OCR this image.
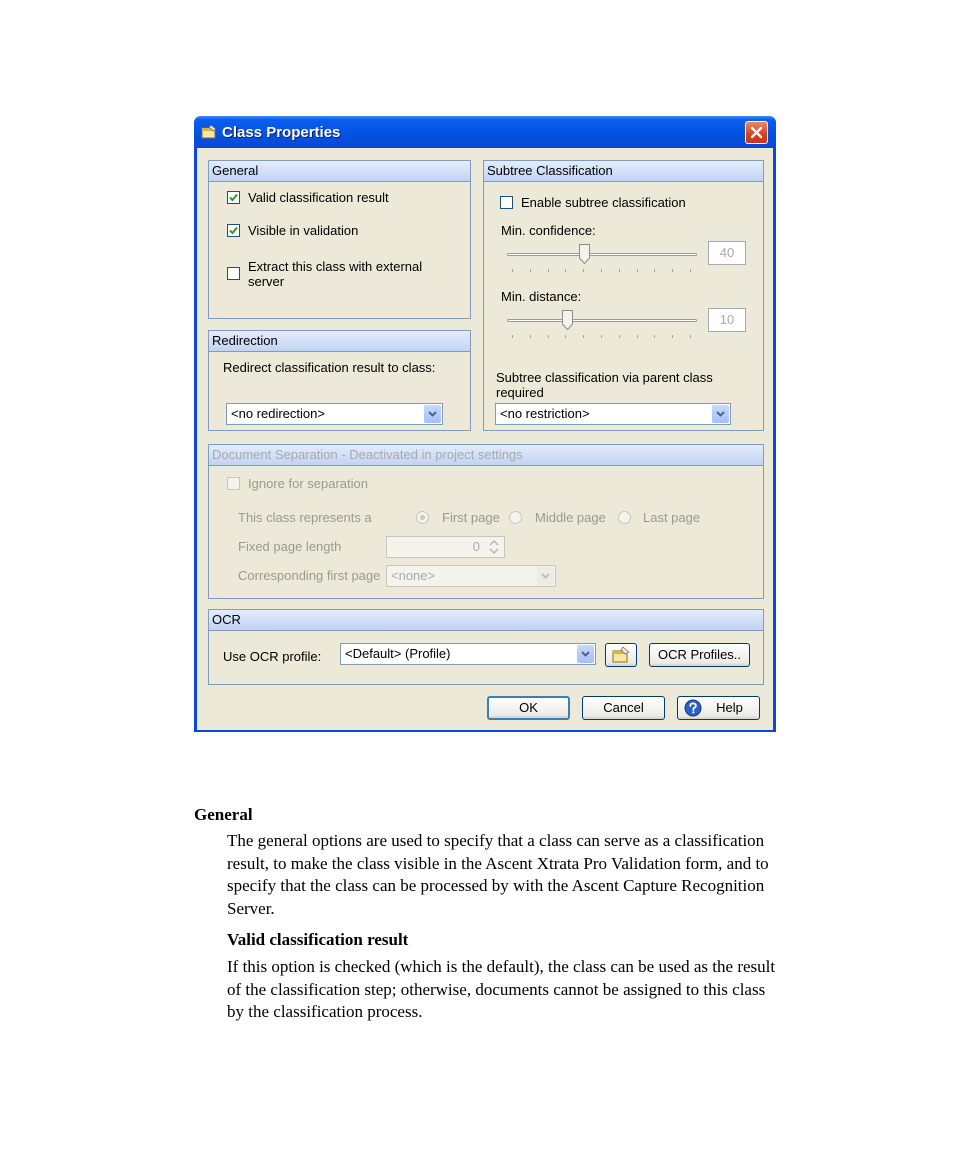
Class Properties
General
Valid classification result
Visible in validation
Extract this class with external
server
Redirection
Redirect classification result to class:
<no redirection>
Subtree Classification
Enable subtree classification
Min. confidence:
40
Min. distance:
10
Subtree classification via parent class
required
<no restriction>
Document Separation - Deactivated in project settings
Ignore for separation
This class represents a	First page	Middle page	Last page
Fixed page length	0
Corresponding first page <none>
OCR
Use OCR profile:	<Default> (Profile)	OCR Profiles..
OK	Cancel	Help
General
The general options are used to specify that a class can serve as a classification
result, to make the class visible in the Ascent Xtrata Pro Validation form, and to
specify that the class can be processed by with the Ascent Capture Recognition
Server.
Valid classification result
If this option is checked (which is the default), the class can be used as the result
of the classification step; otherwise, documents cannot be assigned to this class
by the classification process.
